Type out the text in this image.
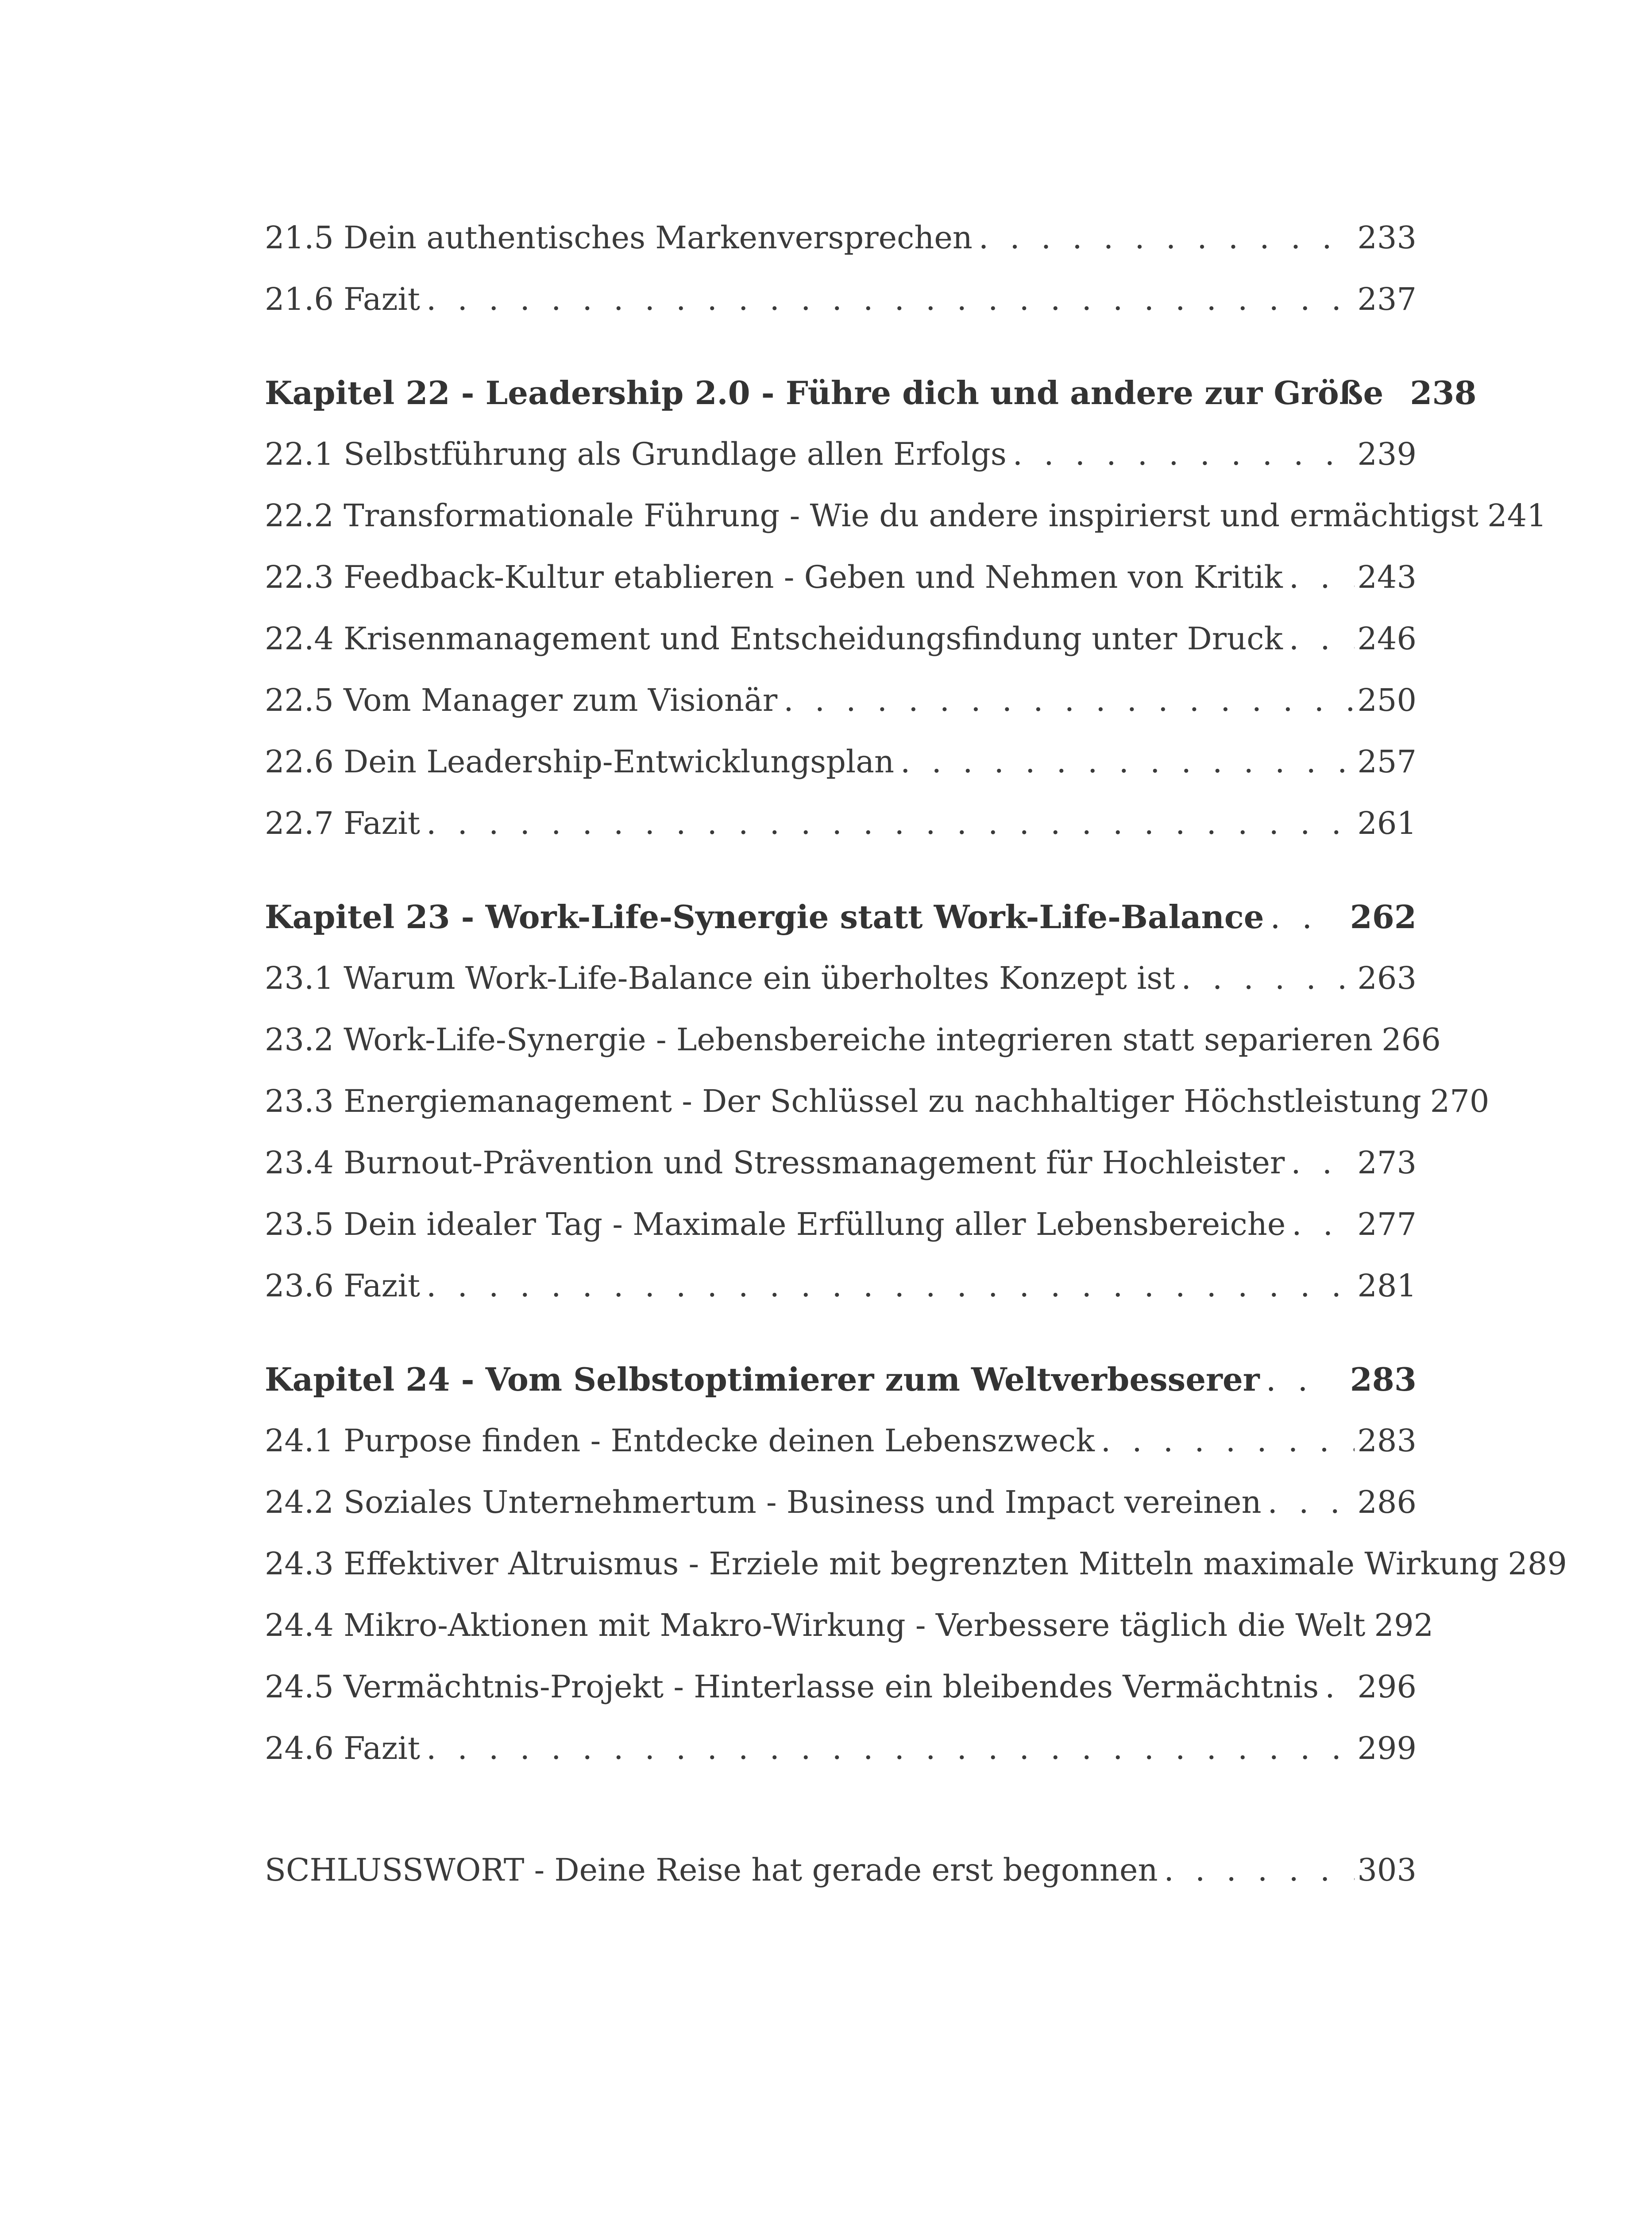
21.5 Dein authentisches Markenversprechen . . .	233
21.6 Fazit . . .	237
Kapitel 22 - Leadership 2.0 - Führe dich und andere zur Größe 238
22.1 Selbstführung als Grundlage allen Erfolgs . . .	239
22.2 Transformationale Führung - Wie du andere inspirierst und ermächtigst 241
22.3 Feedback-Kultur etablieren - Geben und Nehmen von Kritik . . . 243
22.4 Krisenmanagement und Entscheidungsfindung unter Druck . . . 246
22.5 Vom Manager zum Visionär . . .	250
22.6 Dein Leadership-Entwicklungsplan . . .	257
22.7 Fazit . . .	261
Kapitel 23 - Work-Life-Synergie statt Work-Life-Balance . . .	262
23.1 Warum Work-Life-Balance ein überholtes Konzept ist . . .	263
23.2 Work-Life-Synergie - Lebensbereiche integrieren statt separieren 266
23.3 Energiemanagement - Der Schlüssel zu nachhaltiger Höchstleistung 270
23.4 Burnout-Prävention und Stressmanagement für Hochleister . . . 273
23.5 Dein idealer Tag - Maximale Erfüllung aller Lebensbereiche . . . 277
23.6 Fazit . . .	281
Kapitel 24 - Vom Selbstoptimierer zum Weltverbesserer . . .	283
24.1 Purpose finden - Entdecke deinen Lebenszweck . . .	283
24.2 Soziales Unternehmertum - Business und Impact vereinen . . .	286
24.3 Effektiver Altruismus - Erziele mit begrenzten Mitteln maximale Wirkung 289
24.4 Mikro-Aktionen mit Makro-Wirkung - Verbessere täglich die Welt 292
24.5 Vermächtnis-Projekt - Hinterlasse ein bleibendes Vermächtnis . . . 296
24.6 Fazit . . .	299
SCHLUSSWORT - Deine Reise hat gerade erst begonnen . . .	303
